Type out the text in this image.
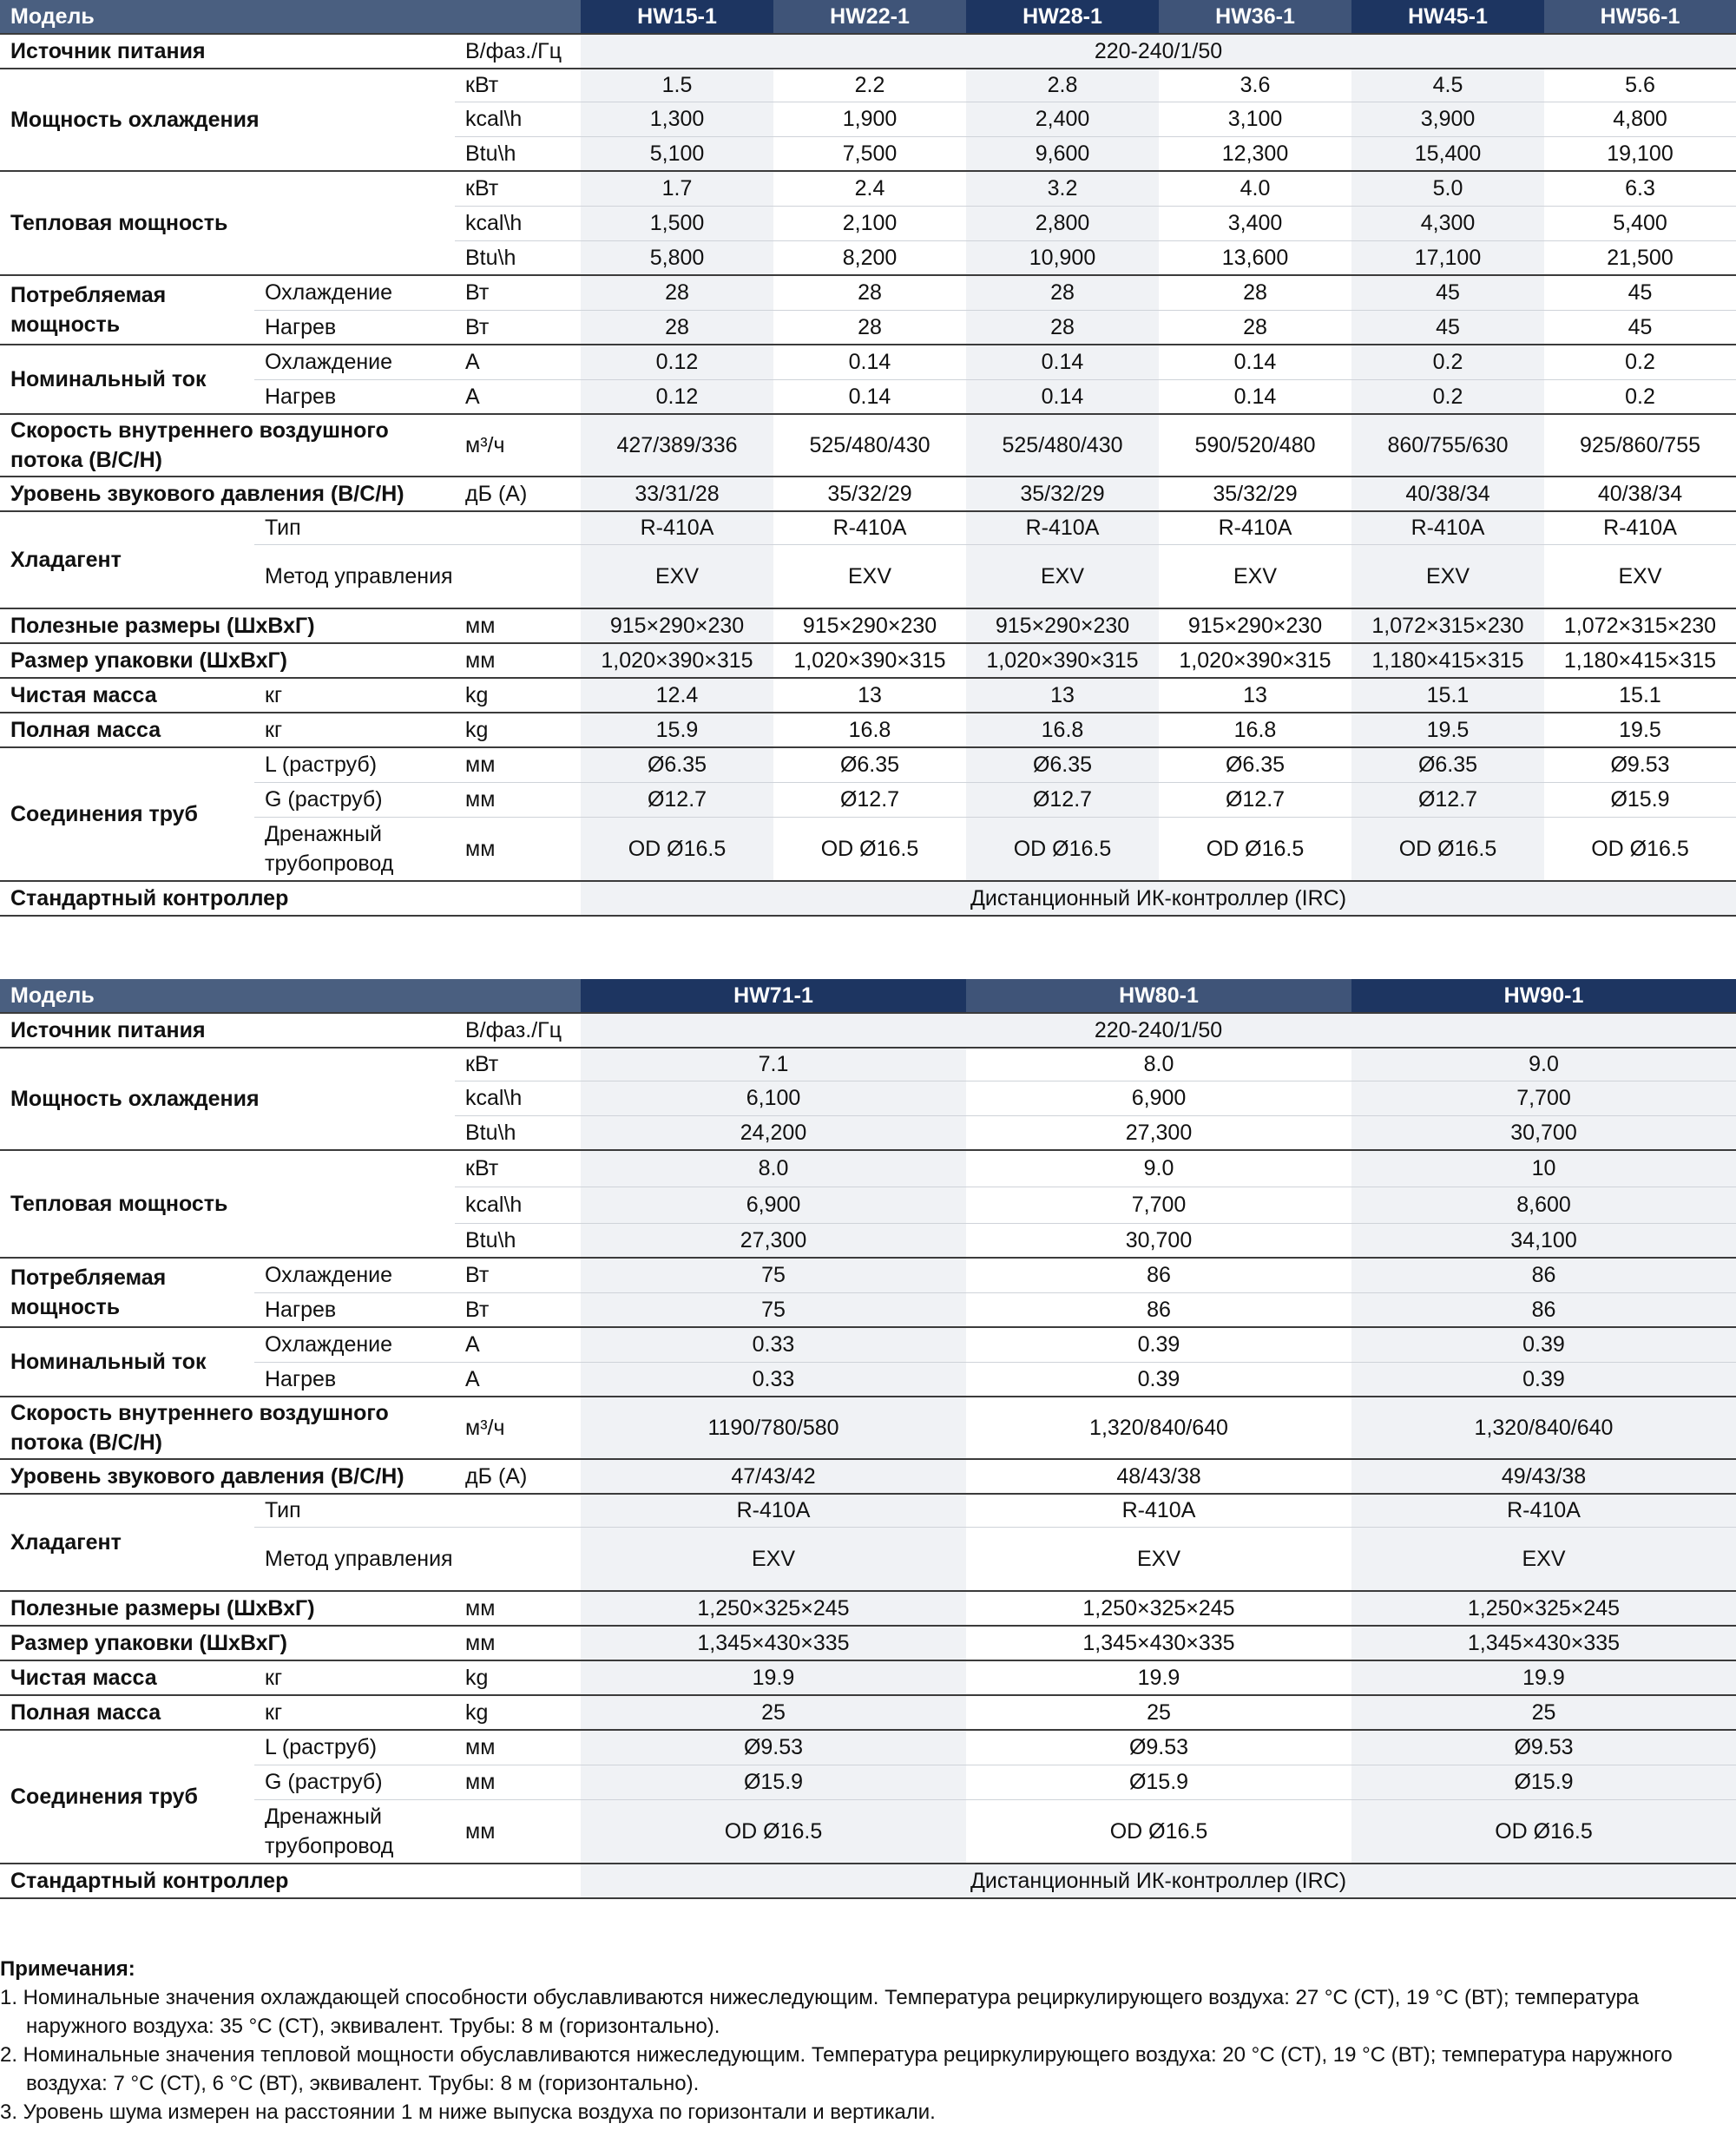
Модель			HW15-1	HW22-1	HW28-1	HW36-1	HW45-1	HW56-1
Источник питания		В/фаз./Гц	220-240/1/50					
Мощность охлаждения		кВт	1.5	2.2	2.8	3.6	4.5	5.6
		kcal\h	1,300	1,900	2,400	3,100	3,900	4,800
		Btu\h	5,100	7,500	9,600	12,300	15,400	19,100
Тепловая мощность		кВт	1.7	2.4	3.2	4.0	5.0	6.3
		kcal\h	1,500	2,100	2,800	3,400	4,300	5,400
		Btu\h	5,800	8,200	10,900	13,600	17,100	21,500
Потребляемая мощность	Охлаждение	Вт	28	28	28	28	45	45
	Нагрев	Вт	28	28	28	28	45	45
Номинальный ток	Охлаждение	A	0.12	0.14	0.14	0.14	0.2	0.2
	Нагрев	A	0.12	0.14	0.14	0.14	0.2	0.2
Скорость внутреннего воздушного потока (В/С/Н)		м³/ч	427/389/336	525/480/430	525/480/430	590/520/480	860/755/630	925/860/755
Уровень звукового давления (В/С/Н)		дБ (А)	33/31/28	35/32/29	35/32/29	35/32/29	40/38/34	40/38/34
Хладагент	Тип		R-410A	R-410A	R-410A	R-410A	R-410A	R-410A
	Метод управления		EXV	EXV	EXV	EXV	EXV	EXV
Полезные размеры (ШхВхГ)		мм	915×290×230	915×290×230	915×290×230	915×290×230	1,072×315×230	1,072×315×230
Размер упаковки (ШхВхГ)		мм	1,020×390×315	1,020×390×315	1,020×390×315	1,020×390×315	1,180×415×315	1,180×415×315
Чистая масса	кг	kg	12.4	13	13	13	15.1	15.1
Полная масса	кг	kg	15.9	16.8	16.8	16.8	19.5	19.5
Соединения труб	L (раструб)	мм	Ø6.35	Ø6.35	Ø6.35	Ø6.35	Ø6.35	Ø9.53
	G (раструб)	мм	Ø12.7	Ø12.7	Ø12.7	Ø12.7	Ø12.7	Ø15.9
	Дренажный трубопровод	мм	OD Ø16.5	OD Ø16.5	OD Ø16.5	OD Ø16.5	OD Ø16.5	OD Ø16.5
Стандартный контроллер			Дистанционный ИК-контроллер (IRC)					
Модель			HW71-1	HW80-1	HW90-1
Источник питания		В/фаз./Гц	220-240/1/50		
Мощность охлаждения		кВт	7.1	8.0	9.0
		kcal\h	6,100	6,900	7,700
		Btu\h	24,200	27,300	30,700
Тепловая мощность		кВт	8.0	9.0	10
		kcal\h	6,900	7,700	8,600
		Btu\h	27,300	30,700	34,100
Потребляемая мощность	Охлаждение	Вт	75	86	86
	Нагрев	Вт	75	86	86
Номинальный ток	Охлаждение	A	0.33	0.39	0.39
	Нагрев	A	0.33	0.39	0.39
Скорость внутреннего воздушного потока (В/С/Н)		м³/ч	1190/780/580	1,320/840/640	1,320/840/640
Уровень звукового давления (В/С/Н)		дБ (А)	47/43/42	48/43/38	49/43/38
Хладагент	Тип		R-410A	R-410A	R-410A
	Метод управления		EXV	EXV	EXV
Полезные размеры (ШхВхГ)		мм	1,250×325×245	1,250×325×245	1,250×325×245
Размер упаковки (ШхВхГ)		мм	1,345×430×335	1,345×430×335	1,345×430×335
Чистая масса	кг	kg	19.9	19.9	19.9
Полная масса	кг	kg	25	25	25
Соединения труб	L (раструб)	мм	Ø9.53	Ø9.53	Ø9.53
	G (раструб)	мм	Ø15.9	Ø15.9	Ø15.9
	Дренажный трубопровод	мм	OD Ø16.5	OD Ø16.5	OD Ø16.5
Стандартный контроллер			Дистанционный ИК-контроллер (IRC)		
Примечания:
1. Номинальные значения охлаждающей способности обуславливаются нижеследующим. Температура рециркулирующего воздуха: 27 °C (СТ), 19 °C (ВТ); температура наружного воздуха: 35 °C (СТ), эквивалент. Трубы: 8 м (горизонтально).
2. Номинальные значения тепловой мощности обуславливаются нижеследующим. Температура рециркулирующего воздуха: 20 °C (СТ), 19 °C (ВТ); температура наружного воздуха: 7 °C (СТ), 6 °C (ВТ), эквивалент. Трубы: 8 м (горизонтально).
3. Уровень шума измерен на расстоянии 1 м ниже выпуска воздуха по горизонтали и вертикали.
